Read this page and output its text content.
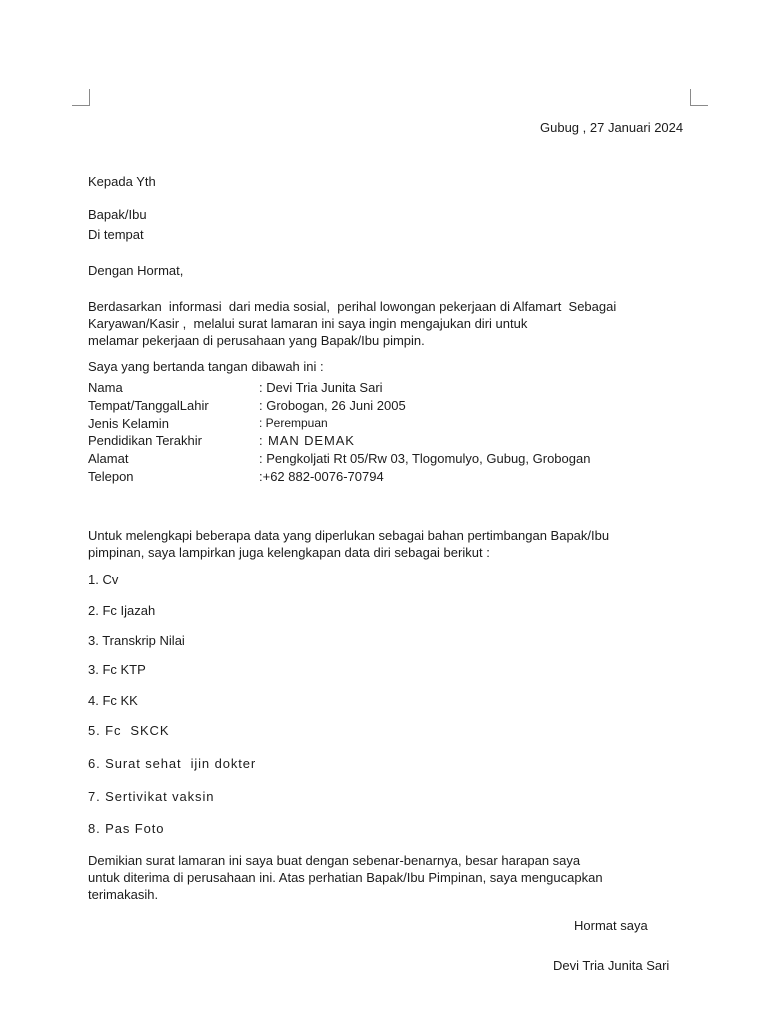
Gubug , 27 Januari 2024
Kepada Yth
Bapak/Ibu
Di tempat
Dengan Hormat,
Berdasarkan  informasi  dari media sosial,  perihal lowongan pekerjaan di Alfamart  Sebagai
Karyawan/Kasir ,  melalui surat lamaran ini saya ingin mengajukan diri untuk
melamar pekerjaan di perusahaan yang Bapak/Ibu pimpin.
Saya yang bertanda tangan dibawah ini :
Nama	: Devi Tria Junita Sari
Tempat/TanggalLahir	: Grobogan, 26 Juni 2005
Jenis Kelamin	: Perempuan
Pendidikan Terakhir	: MAN DEMAK
Alamat	: Pengkoljati Rt 05/Rw 03, Tlogomulyo, Gubug, Grobogan
Telepon	:+62 882-0076-70794
Untuk melengkapi beberapa data yang diperlukan sebagai bahan pertimbangan Bapak/Ibu
pimpinan, saya lampirkan juga kelengkapan data diri sebagai berikut :
1. Cv
2. Fc Ijazah
3. Transkrip Nilai
3. Fc KTP
4. Fc KK
5. Fc  SKCK
6. Surat sehat  ijin dokter
7. Sertivikat vaksin
8. Pas Foto
Demikian surat lamaran ini saya buat dengan sebenar-benarnya, besar harapan saya
untuk diterima di perusahaan ini. Atas perhatian Bapak/Ibu Pimpinan, saya mengucapkan
terimakasih.
Hormat saya
Devi Tria Junita Sari
